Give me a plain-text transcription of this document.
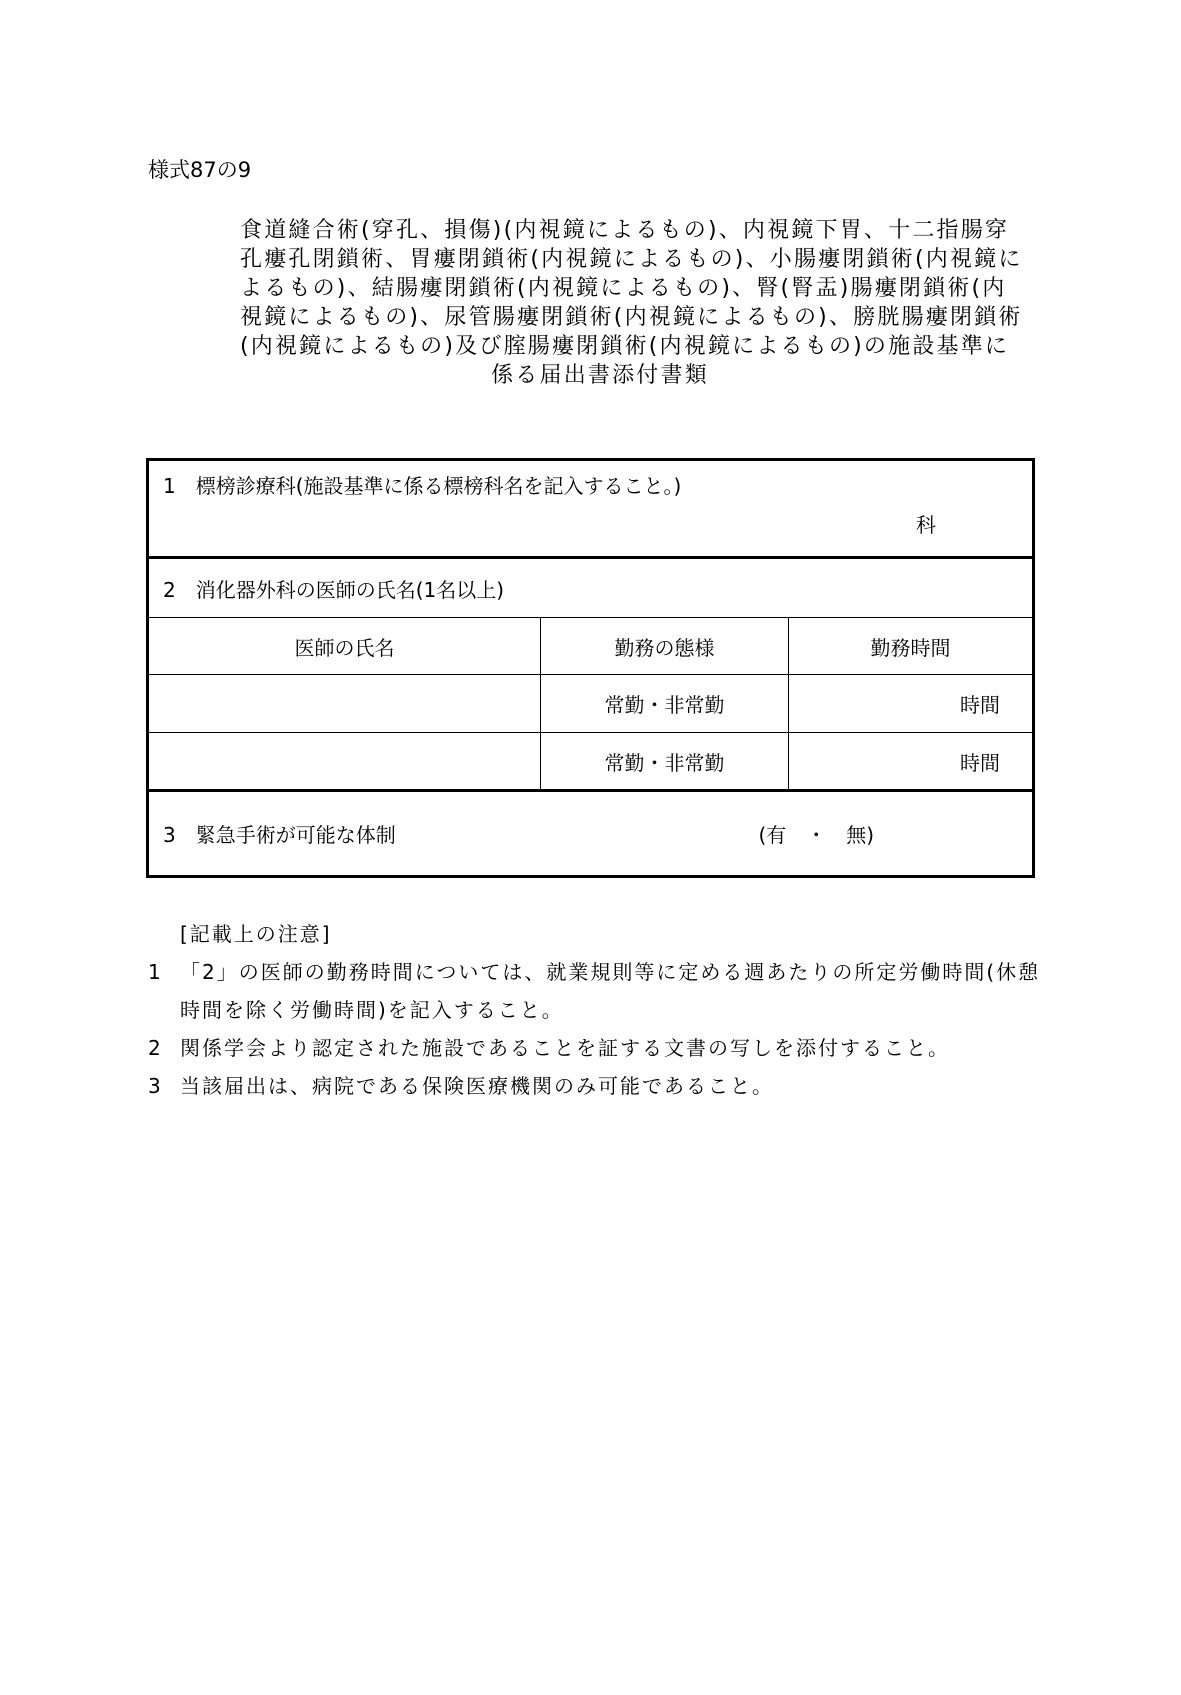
様式87の9
食道縫合術(穿孔、損傷)(内視鏡によるもの)、内視鏡下胃、十二指腸穿
孔瘻孔閉鎖術、胃瘻閉鎖術(内視鏡によるもの)、小腸瘻閉鎖術(内視鏡に
よるもの)、結腸瘻閉鎖術(内視鏡によるもの)、腎(腎盂)腸瘻閉鎖術(内
視鏡によるもの)、尿管腸瘻閉鎖術(内視鏡によるもの)、膀胱腸瘻閉鎖術
(内視鏡によるもの)及び腟腸瘻閉鎖術(内視鏡によるもの)の施設基準に
係る届出書添付書類
1　標榜診療科(施設基準に係る標榜科名を記入すること。)		
科		
2　消化器外科の医師の氏名(1名以上)		
医師の氏名	勤務の態様	勤務時間
	常勤・非常勤	時間
	常勤・非常勤	時間
3　緊急手術が可能な体制		(有　・　無)
[記載上の注意]
1 「2」の医師の勤務時間については、就業規則等に定める週あたりの所定労働時間(休憩
時間を除く労働時間)を記入すること。
2 関係学会より認定された施設であることを証する文書の写しを添付すること。
3 当該届出は、病院である保険医療機関のみ可能であること。
